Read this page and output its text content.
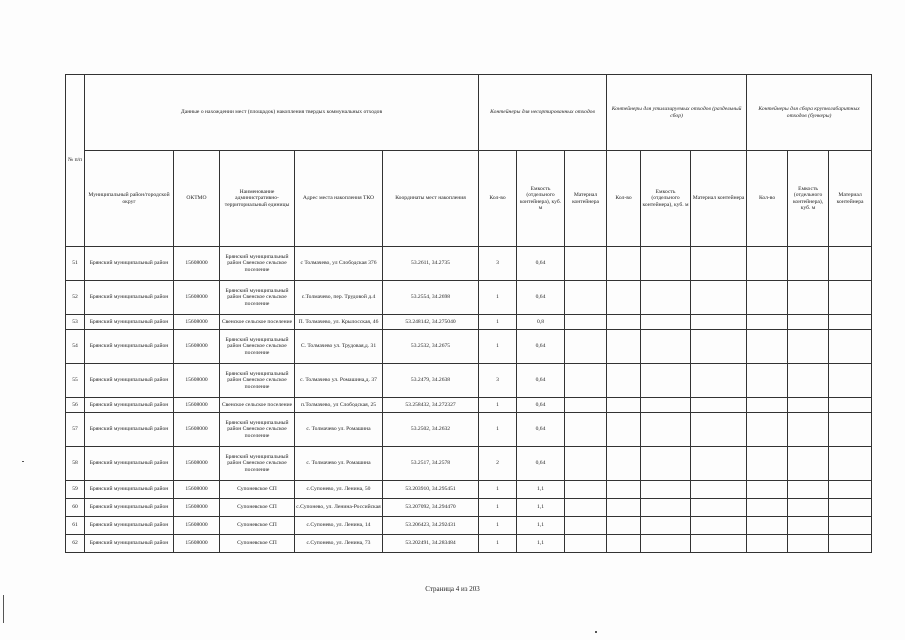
№ п/п	Данные о нахождении мест (площадок) накопления твердых коммунальных отходов					Контейнеры для несортированных отходов			Контейнеры для утилизируемых отходов (раздельный сбор)			Контейнеры для сбора крупногабаритных отходов (бункеры)		
	Муниципальный район/городской округ	ОКТМО	Наименование административно-территориальный единицы	Адрес места накопления ТКО	Координаты мест накопления	Кол-во	Емкость (отдельного контейнера), куб. м	Материал контейнера	Кол-во	Емкость (отдельного контейнера), куб. м	Материал контейнера	Кол-во	Емкость (отдельного контейнера), куб. м	Материал контейнера
51	Брянский муниципальный район	15608000	Брянский муниципальный район Свенское сельское поселение	с Толмачево, ул Слободская 376	53.2611, 34.2735	3	0,64							
52	Брянский муниципальный район	15608000	Брянский муниципальный район Свенское сельское поселение	с.Толмачево, пер. Трудовой д.4	53.2554, 34.2698	1	0,64							
53	Брянский муниципальный район	15608000	Свенское сельское поселение	П. Толмачево, ул. Крылосская, 46	53.248142, 34.275040	1	0,8							
54	Брянский муниципальный район	15608000	Брянский муниципальный район Свенское сельское поселение	С. Толмачево ул. Трудовая,д. 31	53.2532, 34.2675	1	0,64							
55	Брянский муниципальный район	15608000	Брянский муниципальный район Свенское сельское поселение	с. Толмачево ул. Ромашина,д. 37	53.2479, 34.2638	3	0,64							
56	Брянский муниципальный район	15608000	Свенское сельское поселение	п.Толмачево, ул Слободская, 25	53.258432, 34.272327	1	0,64							
57	Брянский муниципальный район	15608000	Брянский муниципальный район Свенское сельское поселение	с. Толмачево ул. Ромашина	53.2502, 34.2632	1	0,64							
58	Брянский муниципальный район	15608000	Брянский муниципальный район Свенское сельское поселение	с. Толмачево ул. Ромашина	53.2517, 34.2578	2	0,64							
59	Брянский муниципальный район	15608000	Супоневское СП	с.Супонево, ул. Ленина, 50	53.203910, 34.295451	1	1,1							
60	Брянский муниципальный район	15608000	Супоневское СП	с.Супонево, ул. Ленина-Российская	53.207092, 34.294470	1	1,1							
61	Брянский муниципальный район	15608000	Супоневское СП	с.Супонево, ул. Ленина, 14	53.206423, 34.292431	1	1,1							
62	Брянский муниципальный район	15608000	Супоневское СП	с.Супонево, ул. Ленина, 73	53.202491, 34.283484	1	1,1							
Страница 4 из 203
